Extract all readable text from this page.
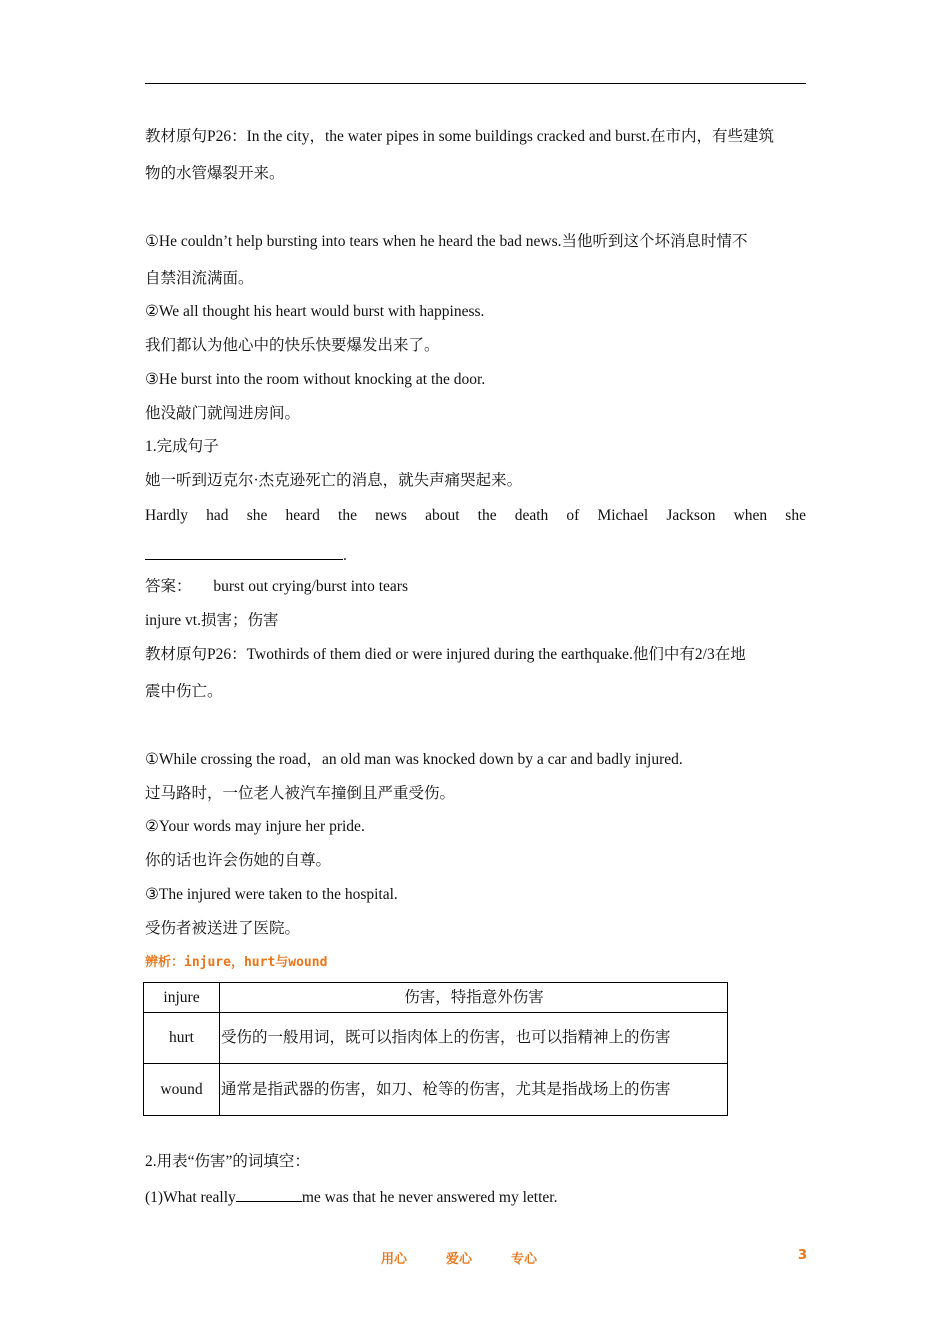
教材原句P26：In the city，the water pipes in some buildings cracked and burst.在市内，有些建筑
物的水管爆裂开来。
①He couldn’t help bursting into tears when he heard the bad news.当他听到这个坏消息时情不
自禁泪流满面。
②We all thought his heart would burst with happiness.
我们都认为他心中的快乐快要爆发出来了。
③He burst into the room without knocking at the door.
他没敲门就闯进房间。
1.完成句子
她一听到迈克尔·杰克逊死亡的消息，就失声痛哭起来。
Hardly had she heard the news about the death of Michael Jackson when she
.
答案： burst out crying/burst into tears
injure vt.损害；伤害
教材原句P26：Twothirds of them died or were injured during the earthquake.他们中有2/3在地
震中伤亡。
①While crossing the road，an old man was knocked down by a car and badly injured.
过马路时，一位老人被汽车撞倒且严重受伤。
②Your words may injure her pride.
你的话也许会伤她的自尊。
③The injured were taken to the hospital.
受伤者被送进了医院。
辨析：injure，hurt与wound
injure	伤害，特指意外伤害
hurt	受伤的一般用词，既可以指肉体上的伤害，也可以指精神上的伤害
wound	通常是指武器的伤害，如刀、枪等的伤害，尤其是指战场上的伤害
2.用表“伤害”的词填空：
(1)What really	me was that he never answered my letter.
用心	爱心	专心	3
